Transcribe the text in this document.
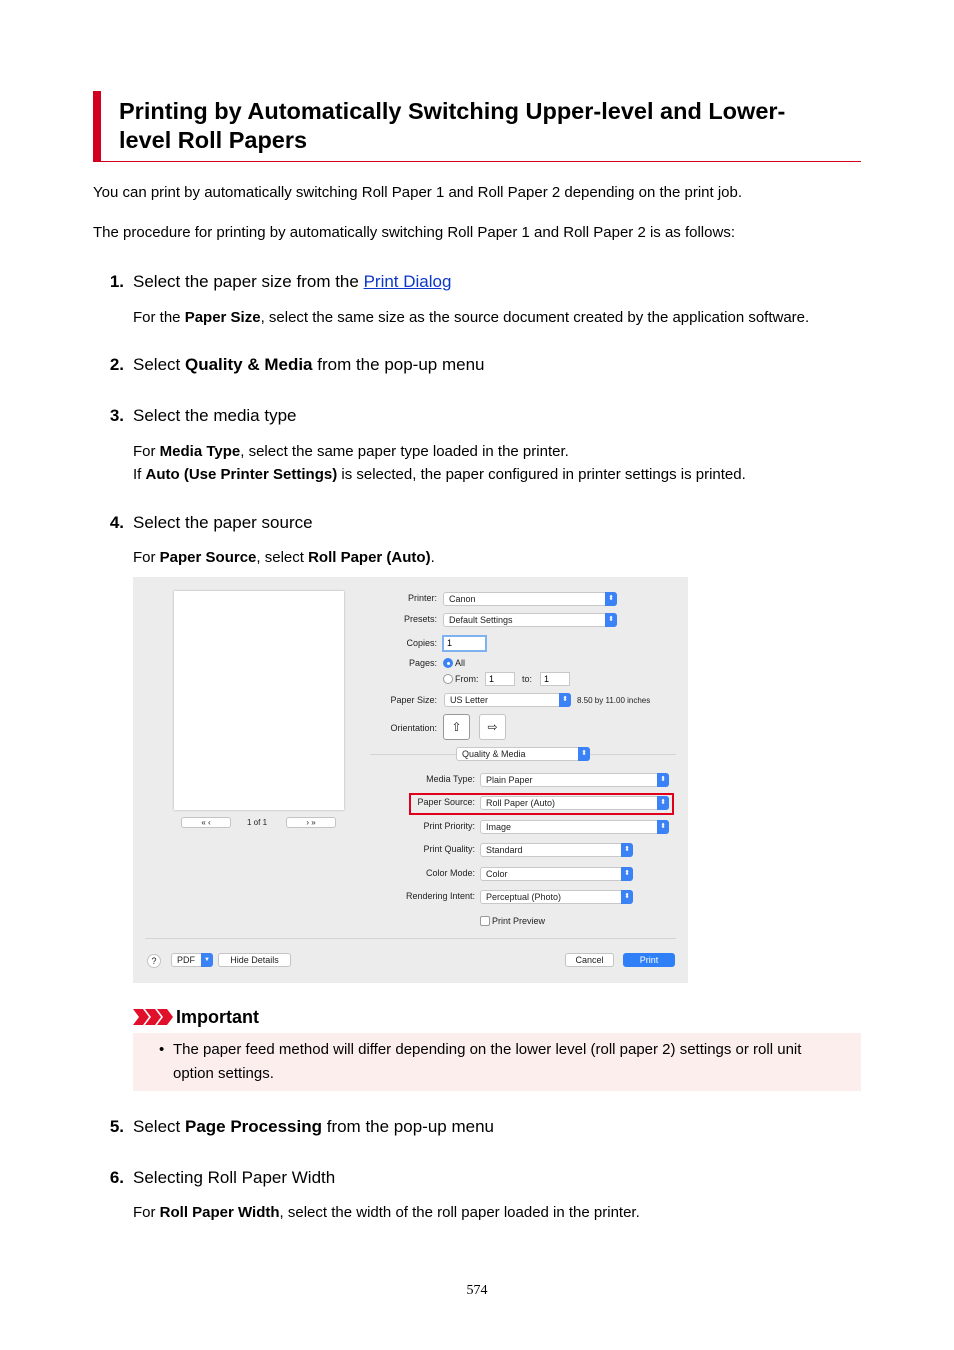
Printing by Automatically Switching Upper-level and Lower-
level Roll Papers
You can print by automatically switching Roll Paper 1 and Roll Paper 2 depending on the print job.
The procedure for printing by automatically switching Roll Paper 1 and Roll Paper 2 is as follows:
1. Select the paper size from the Print Dialog
For the Paper Size, select the same size as the source document created by the application software.
2. Select Quality & Media from the pop-up menu
3. Select the media type
For Media Type, select the same paper type loaded in the printer.
If Auto (Use Printer Settings) is selected, the paper configured in printer settings is printed.
4. Select the paper source
For Paper Source, select Roll Paper (Auto).
« ‹	1 of 1	› »
Printer:	Canon	⬍
Presets:	Default Settings	⬍
Copies:	1
Pages: All
From:	1	to:	1
Paper Size:	US Letter	⬍	8.50 by 11.00 inches
Orientation:	⇧	⇨
Quality & Media	⬍
Media Type:	Plain Paper	⬍
Paper Source:	Roll Paper (Auto)	⬍
Print Priority:	Image	⬍
Print Quality:	Standard	⬍
Color Mode:	Color	⬍
Rendering Intent:	Perceptual (Photo)	⬍
Print Preview
?	PDF	▼	Hide Details	Cancel	Print
Important
• The paper feed method will differ depending on the lower level (roll paper 2) settings or roll unit
option settings.
5. Select Page Processing from the pop-up menu
6. Selecting Roll Paper Width
For Roll Paper Width, select the width of the roll paper loaded in the printer.
574
